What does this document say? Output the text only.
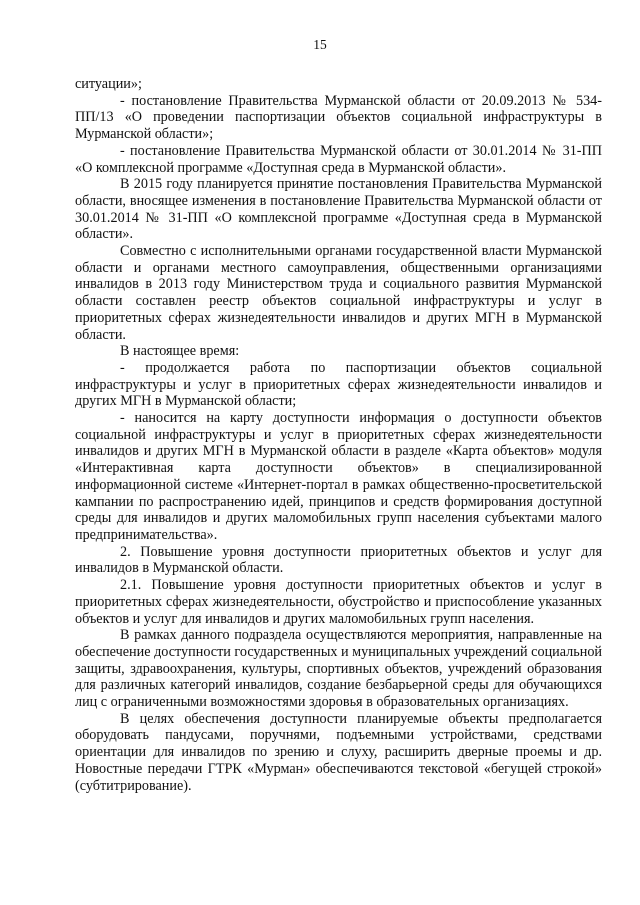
15

ситуации»;

- постановление Правительства Мурманской области от 20.09.2013 № 534-ПП/13 «О проведении паспортизации объектов социальной инфраструктуры в Мурманской области»;

- постановление Правительства Мурманской области от 30.01.2014 № 31-ПП «О комплексной программе «Доступная среда в Мурманской области».

В 2015 году планируется принятие постановления Правительства Мурманской области, вносящее изменения в постановление Правительства Мурманской области от 30.01.2014 № 31-ПП «О комплексной программе «Доступная среда в Мурманской области».

Совместно с исполнительными органами государственной власти Мурманской области и органами местного самоуправления, общественными организациями инвалидов в 2013 году Министерством труда и социального развития Мурманской области составлен реестр объектов социальной инфраструктуры и услуг в приоритетных сферах жизнедеятельности инвалидов и других МГН в Мурманской области.

В настоящее время:

- продолжается работа по паспортизации объектов социальной инфраструктуры и услуг в приоритетных сферах жизнедеятельности инвалидов и других МГН в Мурманской области;

- наносится на карту доступности информация о доступности объектов социальной инфраструктуры и услуг в приоритетных сферах жизнедеятельности инвалидов и других МГН в Мурманской области в разделе «Карта объектов» модуля «Интерактивная карта доступности объектов» в специализированной информационной системе «Интернет-портал в рамках общественно-просветительской кампании по распространению идей, принципов и средств формирования доступной среды для инвалидов и других маломобильных групп населения субъектами малого предпринимательства».

2. Повышение уровня доступности приоритетных объектов и услуг для инвалидов в Мурманской области.

2.1. Повышение уровня доступности приоритетных объектов и услуг в приоритетных сферах жизнедеятельности, обустройство и приспособление указанных объектов и услуг для инвалидов и других маломобильных групп населения.

В рамках данного подраздела осуществляются мероприятия, направленные на обеспечение доступности государственных и муниципальных учреждений социальной защиты, здравоохранения, культуры, спортивных объектов, учреждений образования для различных категорий инвалидов, создание безбарьерной среды для обучающихся лиц с ограниченными возможностями здоровья в образовательных организациях.

В целях обеспечения доступности планируемые объекты предполагается оборудовать пандусами, поручнями, подъемными устройствами, средствами ориентации для инвалидов по зрению и слуху, расширить дверные проемы и др. Новостные передачи ГТРК «Мурман» обеспечиваются текстовой «бегущей строкой» (субтитрирование).
